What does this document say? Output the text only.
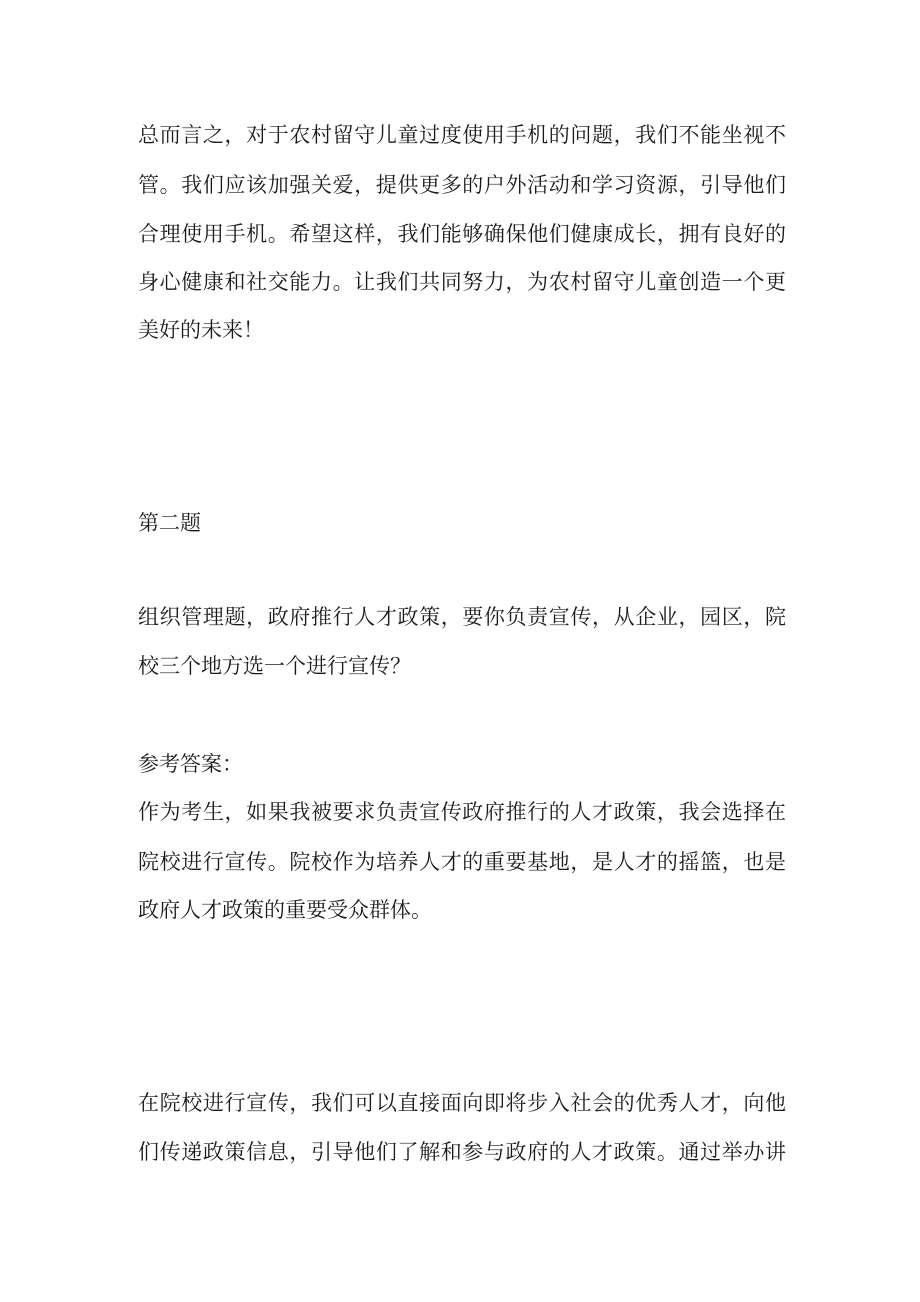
总而言之，对于农村留守儿童过度使用手机的问题，我们不能坐视不
管。我们应该加强关爱，提供更多的户外活动和学习资源，引导他们
合理使用手机。希望这样，我们能够确保他们健康成长，拥有良好的
身心健康和社交能力。让我们共同努力，为农村留守儿童创造一个更
美好的未来！
第二题
组织管理题，政府推行人才政策，要你负责宣传，从企业，园区，院
校三个地方选一个进行宣传？
参考答案：
作为考生，如果我被要求负责宣传政府推行的人才政策，我会选择在
院校进行宣传。院校作为培养人才的重要基地，是人才的摇篮，也是
政府人才政策的重要受众群体。
在院校进行宣传，我们可以直接面向即将步入社会的优秀人才，向他
们传递政策信息，引导他们了解和参与政府的人才政策。通过举办讲
